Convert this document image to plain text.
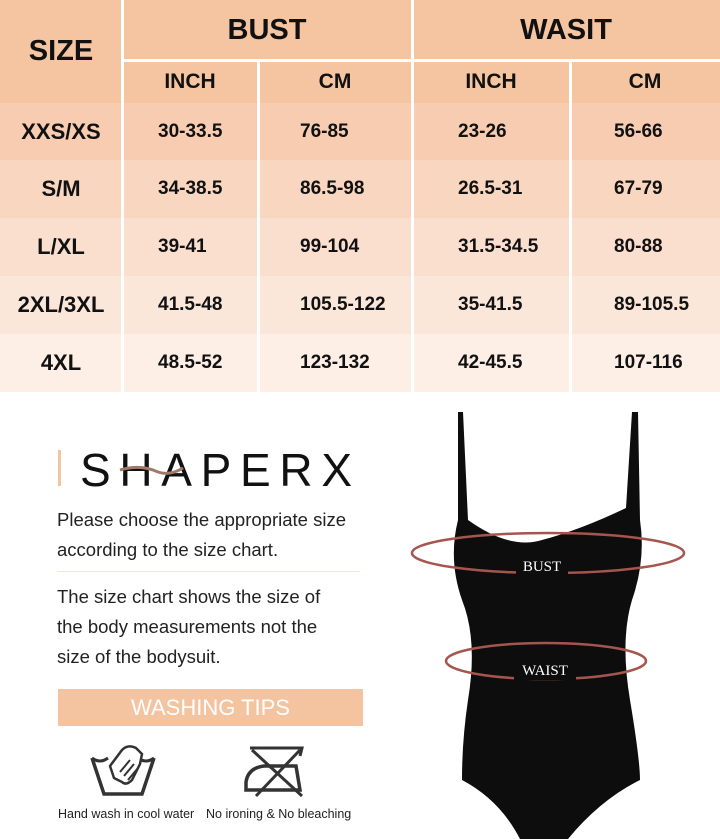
SIZE
BUST	WASIT
INCH	CM	INCH	CM
XXS/XS	30-33.5	76-85	23-26	56-66
S/M	34-38.5	86.5-98	26.5-31	67-79
L/XL	39-41	99-104	31.5-34.5	80-88
2XL/3XL	41.5-48	105.5-122	35-41.5	89-105.5
4XL	48.5-52	123-132	42-45.5	107-116
SHAPERX
Please choose the appropriate size
according to the size chart.
The size chart shows the size of
the body measurements not the
size of the bodysuit.
WASHING TIPS
Hand wash in cool water No ironing & No bleaching
BUST
WAIST
